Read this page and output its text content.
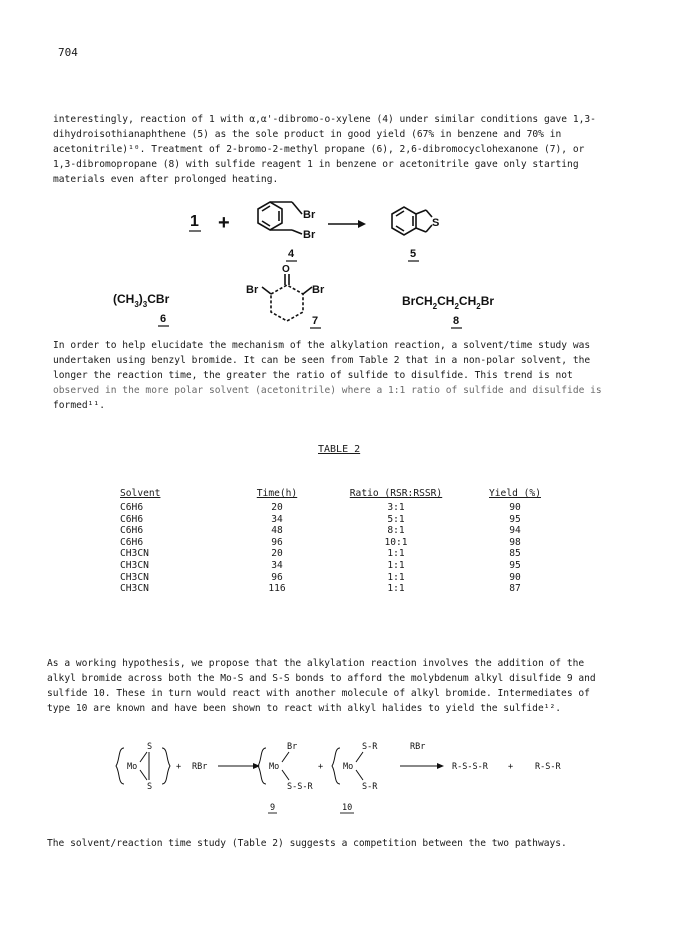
704
interestingly, reaction of 1 with α,α'-dibromo-o-xylene (4) under similar conditions gave 1,3-
dihydroisothianaphthene (5) as the sole product in good yield (67% in benzene and 70% in
acetonitrile)¹⁰. Treatment of 2-bromo-2-methyl propane (6), 2,6-dibromocyclohexanone (7), or
1,3-dibromopropane (8) with sulfide reagent 1 in benzene or acetonitrile gave only starting
materials even after prolonged heating.
1 +	Br
Br
4
S
5
$(CH_3)_3CBr$
6
O
Br	Br
7
$BrCH_2CH_2CH_2Br$
8
In order to help elucidate the mechanism of the alkylation reaction, a solvent/time study was
undertaken using benzyl bromide. It can be seen from Table 2 that in a non-polar solvent, the
longer the reaction time, the greater the ratio of sulfide to disulfide. This trend is not
observed in the more polar solvent (acetonitrile) where a 1:1 ratio of sulfide and disulfide is
formed¹¹.
TABLE 2
Solvent	Time(h)	Ratio (RSR:RSSR)	Yield (%)
C6H6	20	3:1	90
C6H6	34	5:1	95
C6H6	48	8:1	94
C6H6	96	10:1	98
CH3CN	20	1:1	85
CH3CN	34	1:1	95
CH3CN	96	1:1	90
CH3CN	116	1:1	87
As a working hypothesis, we propose that the alkylation reaction involves the addition of the
alkyl bromide across both the Mo-S and S-S bonds to afford the molybdenum alkyl disulfide 9 and
sulfide 10. These in turn would react with another molecule of alkyl bromide. Intermediates of
type 10 are known and have been shown to react with alkyl halides to yield the sulfide¹².
Mo
S
S
+ RBr	Mo
Br
S-S-R
9
+ Mo
S-R
S-R
10
RBr
R-S-S-R +	R-S-R
The solvent/reaction time study (Table 2) suggests a competition between the two pathways.
